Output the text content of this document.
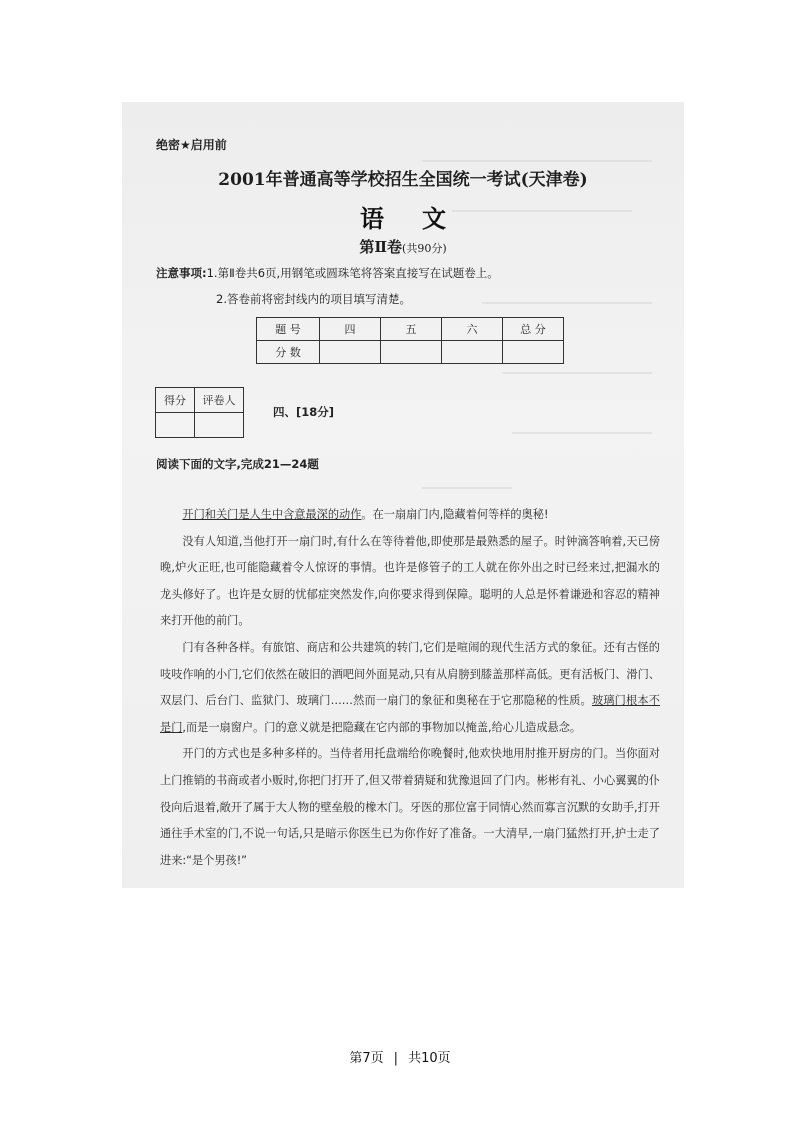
绝密★启用前
2001年普通高等学校招生全国统一考试(天津卷)
语文
第Ⅱ卷(共90分)
注意事项:1.第Ⅱ卷共6页,用钢笔或圆珠笔将答案直接写在试题卷上。
2.答卷前将密封线内的项目填写清楚。
题 号	四	五	六	总 分
分 数				
得分	评卷人

四、[18分]
阅读下面的文字,完成21—24题

开门和关门是人生中含意最深的动作。在一扇扇门内,隐藏着何等样的奥秘!

没有人知道,当他打开一扇门时,有什么在等待着他,即使那是最熟悉的屋子。时钟滴答响着,天已傍晚,炉火正旺,也可能隐藏着令人惊讶的事情。也许是修管子的工人就在你外出之时已经来过,把漏水的龙头修好了。也许是女厨的忧郁症突然发作,向你要求得到保障。聪明的人总是怀着谦逊和容忍的精神来打开他的前门。

门有各种各样。有旅馆、商店和公共建筑的转门,它们是喧闹的现代生活方式的象征。还有古怪的吱吱作响的小门,它们依然在破旧的酒吧间外面晃动,只有从肩膀到膝盖那样高低。更有活板门、滑门、双层门、后台门、监狱门、玻璃门……然而一扇门的象征和奥秘在于它那隐秘的性质。玻璃门根本不是门,而是一扇窗户。门的意义就是把隐藏在它内部的事物加以掩盖,给心儿造成悬念。

开门的方式也是多种多样的。当侍者用托盘端给你晚餐时,他欢快地用肘推开厨房的门。当你面对上门推销的书商或者小贩时,你把门打开了,但又带着猜疑和犹豫退回了门内。彬彬有礼、小心翼翼的仆役向后退着,敞开了属于大人物的壁垒般的橡木门。牙医的那位富于同情心然而寡言沉默的女助手,打开通往手术室的门,不说一句话,只是暗示你医生已为你作好了准备。一大清早,一扇门猛然打开,护士走了进来:“是个男孩!”

第7页 | 共10页
